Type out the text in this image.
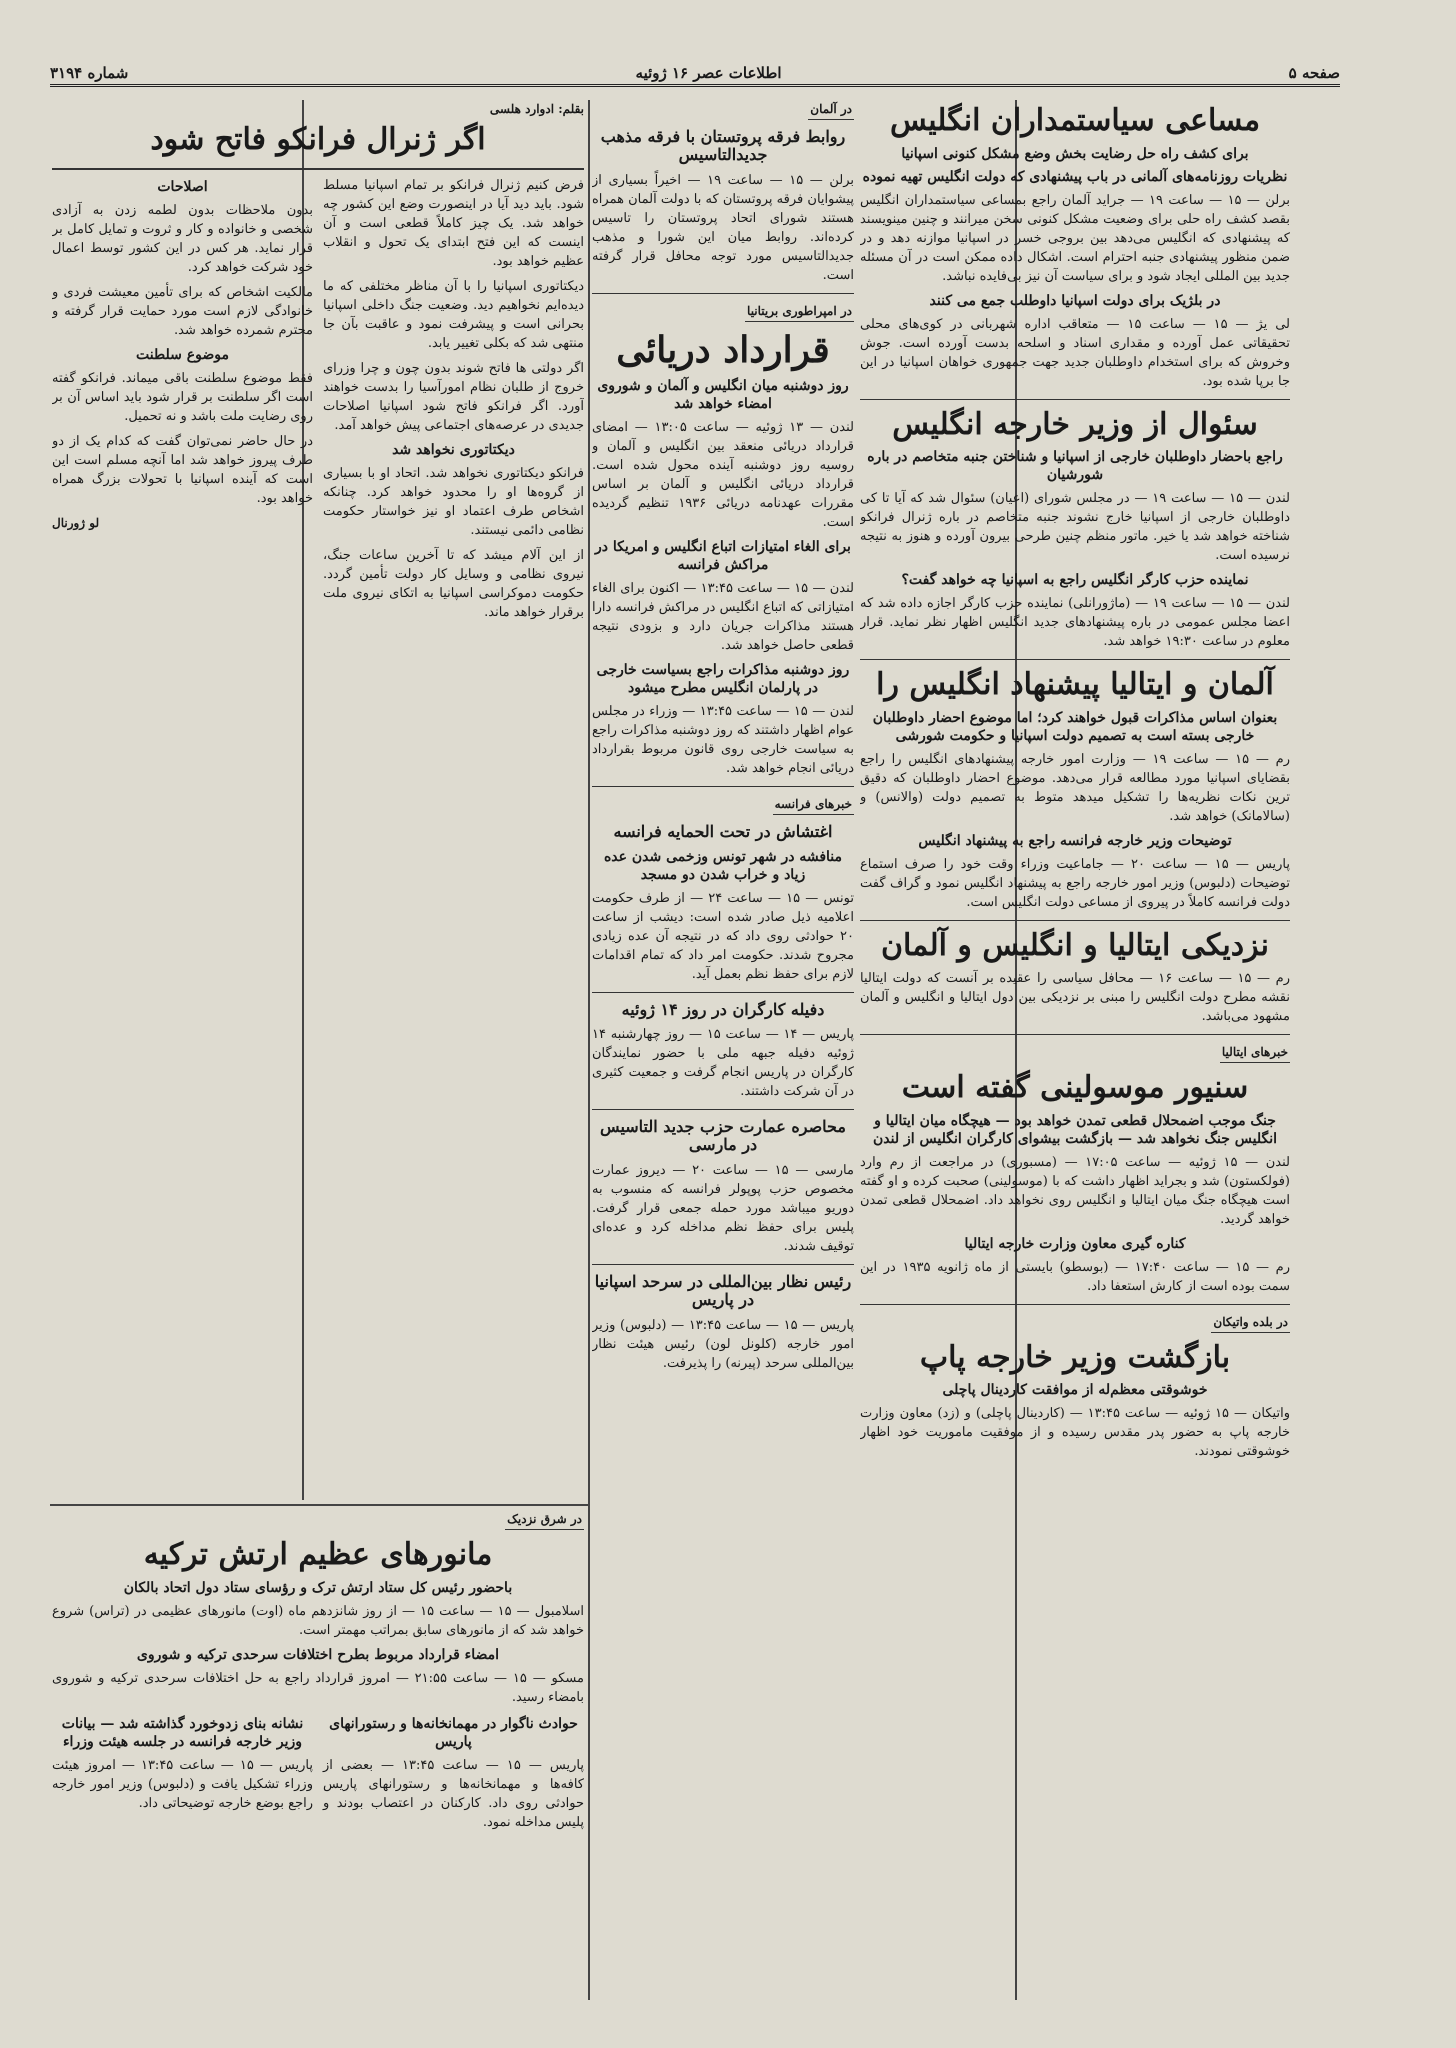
صفحه ۵
اطلاعات عصر ۱۶ ژوئیه
شماره ۳۱۹۴
مساعی سیاستمداران انگلیس
برای کشف راه حل رضایت بخش وضع مشکل کنونی اسپانیا
نظریات روزنامه‌های آلمانی در باب پیشنهادی که دولت انگلیس تهیه نموده

برلن — ۱۵ — ساعت ۱۹ — جراید آلمان راجع بمساعی سیاستمداران انگلیس بقصد کشف راه حلی برای وضعیت مشکل کنونی سخن میرانند و چنین مینویسند که پیشنهادی که انگلیس می‌دهد بین بروجی خسر در اسپانیا موازنه دهد و در ضمن منظور پیشنهادی جنبه احترام است. اشکال داده ممکن است در آن مسئله جدید بین المللی ایجاد شود و برای سیاست آن نیز بی‌فایده نباشد.

در بلژیک برای دولت اسپانیا داوطلب جمع می کنند

لی یژ — ۱۵ — ساعت ۱۵ — متعاقب اداره شهربانی در کوی‌های محلی تحقیقاتی عمل آورده و مقداری اسناد و اسلحه بدست آورده است. جوش وخروش که برای استخدام داوطلبان جدید جهت جمهوری خواهان اسپانیا در این جا برپا شده بود.

سئوال از وزیر خارجه انگلیس
راجع باحضار داوطلبان خارجی از اسپانیا و شناختن جنبه متخاصم در باره شورشیان

لندن — ۱۵ — ساعت ۱۹ — در مجلس شورای (اعیان) سئوال شد که آیا تا کی داوطلبان خارجی از اسپانیا خارج نشوند جنبه متخاصم در باره ژنرال فرانکو شناخته خواهد شد یا خیر. ماتور منظم چنین طرحی بیرون آورده و هنوز به نتیجه نرسیده است.

نماینده حزب کارگر انگلیس راجع به اسپانیا چه خواهد گفت؟

لندن — ۱۵ — ساعت ۱۹ — (ماژورانلی) نماینده حزب کارگر اجازه داده شد که اعضا مجلس عمومی در باره پیشنهادهای جدید انگلیس اظهار نظر نماید. قرار معلوم در ساعت ۱۹:۳۰ خواهد شد.

آلمان و ایتالیا پیشنهاد انگلیس را
بعنوان اساس مذاکرات قبول خواهند کرد؛ اما موضوع احضار داوطلبان خارجی بسته است به تصمیم دولت اسپانیا و حکومت شورشی

رم — ۱۵ — ساعت ۱۹ — وزارت امور خارجه پیشنهادهای انگلیس را راجع بقضایای اسپانیا مورد مطالعه قرار می‌دهد. موضوع احضار داوطلبان که دقیق ترین نکات نظریه‌ها را تشکیل میدهد متوط به تصمیم دولت (والانس) و (سالامانک) خواهد شد.

توضیحات وزیر خارجه فرانسه راجع به پیشنهاد انگلیس

پاریس — ۱۵ — ساعت ۲۰ — جاماعیت وزراء وقت خود را صرف استماع توضیحات (دلبوس) وزیر امور خارجه راجع به پیشنهاد انگلیس نمود و گراف گفت دولت فرانسه کاملاً در پیروی از مساعی دولت انگلیس است.

نزدیکی ایتالیا و انگلیس و آلمان

رم — ۱۵ — ساعت ۱۶ — محافل سیاسی را عقیده بر آنست که دولت ایتالیا نقشه مطرح دولت انگلیس را مبنی بر نزدیکی بین دول ایتالیا و انگلیس و آلمان مشهود می‌باشد.

خبرهای ایتالیا
سنیور موسولینی گفته است
جنگ موجب اضمحلال قطعی تمدن خواهد بود — هیچگاه میان ایتالیا و انگلیس جنگ نخواهد شد — بازگشت بیشوای کارگران انگلیس از لندن

لندن — ۱۵ ژوئیه — ساعت ۱۷:۰۵ — (مسبوری) در مراجعت از رم وارد (فولکستون) شد و بجراید اظهار داشت که با (موسولینی) صحبت کرده و او گفته است هیچگاه جنگ میان ایتالیا و انگلیس روی نخواهد داد. اضمحلال قطعی تمدن خواهد گردید.

کناره گیری معاون وزارت خارجه ایتالیا

رم — ۱۵ — ساعت ۱۷:۴۰ — (بوسطو) بایستی از ماه ژانویه ۱۹۳۵ در این سمت بوده است از کارش استعفا داد.

در بلده واتیکان
بازگشت وزیر خارجه پاپ
خوشوقتی معظم‌له از موافقت کاردینال پاچلی

واتیکان — ۱۵ ژوئیه — ساعت ۱۳:۴۵ — (کاردینال پاچلی) و (زد) معاون وزارت خارجه پاپ به حضور پدر مقدس رسیده و از موفقیت ماموریت خود اظهار خوشوقتی نمودند.

در آلمان
روابط فرقه پروتستان با فرقه مذهب جدیدالتاسیس

برلن — ۱۵ — ساعت ۱۹ — اخیراً بسیاری از پیشوایان فرقه پروتستان که با دولت آلمان همراه هستند شورای اتحاد پروتستان را تاسیس کرده‌اند. روابط میان این شورا و مذهب جدیدالتاسیس مورد توجه محافل قرار گرفته است.

در امپراطوری بریتانیا
قرارداد دریائی
روز دوشنبه میان انگلیس و آلمان و شوروی امضاء خواهد شد

لندن — ۱۳ ژوئیه — ساعت ۱۳:۰۵ — امضای قرارداد دریائی منعقد بین انگلیس و آلمان و روسیه روز دوشنبه آینده محول شده است. قرارداد دریائی انگلیس و آلمان بر اساس مقررات عهدنامه دریائی ۱۹۳۶ تنظیم گردیده است.

برای الغاء امتیازات اتباع انگلیس و امریکا در مراکش فرانسه

لندن — ۱۵ — ساعت ۱۳:۴۵ — اکنون برای الغاء امتیازاتی که اتباع انگلیس در مراکش فرانسه دارا هستند مذاکرات جریان دارد و بزودی نتیجه قطعی حاصل خواهد شد.

روز دوشنبه مذاکرات راجع بسیاست خارجی در پارلمان انگلیس مطرح میشود

لندن — ۱۵ — ساعت ۱۳:۴۵ — وزراء در مجلس عوام اظهار داشتند که روز دوشنبه مذاکرات راجع به سیاست خارجی روی قانون مربوط بقرارداد دریائی انجام خواهد شد.

خبرهای فرانسه
اغتشاش در تحت الحمایه فرانسه
منافشه در شهر تونس وزخمی شدن عده زیاد و خراب شدن دو مسجد

تونس — ۱۵ — ساعت ۲۴ — از طرف حکومت اعلامیه ذیل صادر شده است: دیشب از ساعت ۲۰ حوادثی روی داد که در نتیجه آن عده زیادی مجروح شدند. حکومت امر داد که تمام اقدامات لازم برای حفظ نظم بعمل آید.

دفیله کارگران در روز ۱۴ ژوئیه

پاریس — ۱۴ — ساعت ۱۵ — روز چهارشنبه ۱۴ ژوئیه دفیله جبهه ملی با حضور نمایندگان کارگران در پاریس انجام گرفت و جمعیت کثیری در آن شرکت داشتند.

محاصره عمارت حزب جدید التاسیس در مارسی

مارسی — ۱۵ — ساعت ۲۰ — دیروز عمارت مخصوص حزب پوپولر فرانسه که منسوب به دوریو میباشد مورد حمله جمعی قرار گرفت. پلیس برای حفظ نظم مداخله کرد و عده‌ای توقیف شدند.

رئیس نظار بین‌المللی در سرحد اسپانیا در پاریس

پاریس — ۱۵ — ساعت ۱۳:۴۵ — (دلبوس) وزیر امور خارجه (کلونل لون) رئیس هیئت نظار بین‌المللی سرحد (پیرنه) را پذیرفت.

بقلم: ادوارد هلسی
اگر ژنرال فرانکو فاتح شود

فرض کنیم ژنرال فرانکو بر تمام اسپانیا مسلط شود. باید دید آیا در اینصورت وضع این کشور چه خواهد شد. یک چیز کاملاً قطعی است و آن اینست که این فتح ابتدای یک تحول و انقلاب عظیم خواهد بود.

دیکتاتوری اسپانیا را با آن مناظر مختلفی که ما دیده‌ایم نخواهیم دید. وضعیت جنگ داخلی اسپانیا بحرانی است و پیشرفت نمود و عاقبت بآن جا منتهی شد که بکلی تغییر یابد.

اگر دولتی ها فاتح شوند بدون چون و چرا وزرای خروج از طلبان نظام امورآسیا را بدست خواهند آورد. اگر فرانکو فاتح شود اسپانیا اصلاحات جدیدی در عرصه‌های اجتماعی پیش خواهد آمد.

دیکتاتوری نخواهد شد

فرانکو دیکتاتوری نخواهد شد. اتحاد او با بسیاری از گروه‌ها او را محدود خواهد کرد. چنانکه اشخاص طرف اعتماد او نیز خواستار حکومت نظامی دائمی نیستند.

از این آلام میشد که تا آخرین ساعات جنگ، نیروی نظامی و وسایل کار دولت تأمین گردد. حکومت دموکراسی اسپانیا به اتکای نیروی ملت برقرار خواهد ماند.

اصلاحات

بدون ملاحظات بدون لطمه زدن به آزادی شخصی و خانواده و کار و ثروت و تمایل کامل بر قرار نماید. هر کس در این کشور توسط اعمال خود شرکت خواهد کرد.

مالکیت اشخاص که برای تأمین معیشت فردی و خانوادگی لازم است مورد حمایت قرار گرفته و محترم شمرده خواهد شد.

موضوع سلطنت

فقط موضوع سلطنت باقی میماند. فرانکو گفته است اگر سلطنت بر قرار شود باید اساس آن بر روی رضایت ملت باشد و نه تحمیل.

در حال حاضر نمی‌توان گفت که کدام یک از دو طرف پیروز خواهد شد اما آنچه مسلم است این است که آینده اسپانیا با تحولات بزرگ همراه خواهد بود.

لو ژورنال
در شرق نزدیک
مانورهای عظیم ارتش ترکیه
باحضور رئیس کل ستاد ارتش ترک و رؤسای ستاد دول اتحاد بالکان

اسلامبول — ۱۵ — ساعت ۱۵ — از روز شانزدهم ماه (اوت) مانورهای عظیمی در (تراس) شروع خواهد شد که از مانورهای سابق بمراتب مهمتر است.

امضاء قرارداد مربوط بطرح اختلافات سرحدی ترکیه و شوروی

مسکو — ۱۵ — ساعت ۲۱:۵۵ — امروز قرارداد راجع به حل اختلافات سرحدی ترکیه و شوروی بامضاء رسید.

حوادث ناگوار در مهمانخانه‌ها و رستورانهای پاریس

پاریس — ۱۵ — ساعت ۱۳:۴۵ — بعضی از کافه‌ها و مهمانخانه‌ها و رستورانهای پاریس حوادثی روی داد. کارکنان در اعتصاب بودند و پلیس مداخله نمود.

نشانه بنای زدوخورد گذاشته شد — بیانات وزیر خارجه فرانسه در جلسه هیئت وزراء

پاریس — ۱۵ — ساعت ۱۳:۴۵ — امروز هیئت وزراء تشکیل یافت و (دلبوس) وزیر امور خارجه راجع بوضع خارجه توضیحاتی داد.
